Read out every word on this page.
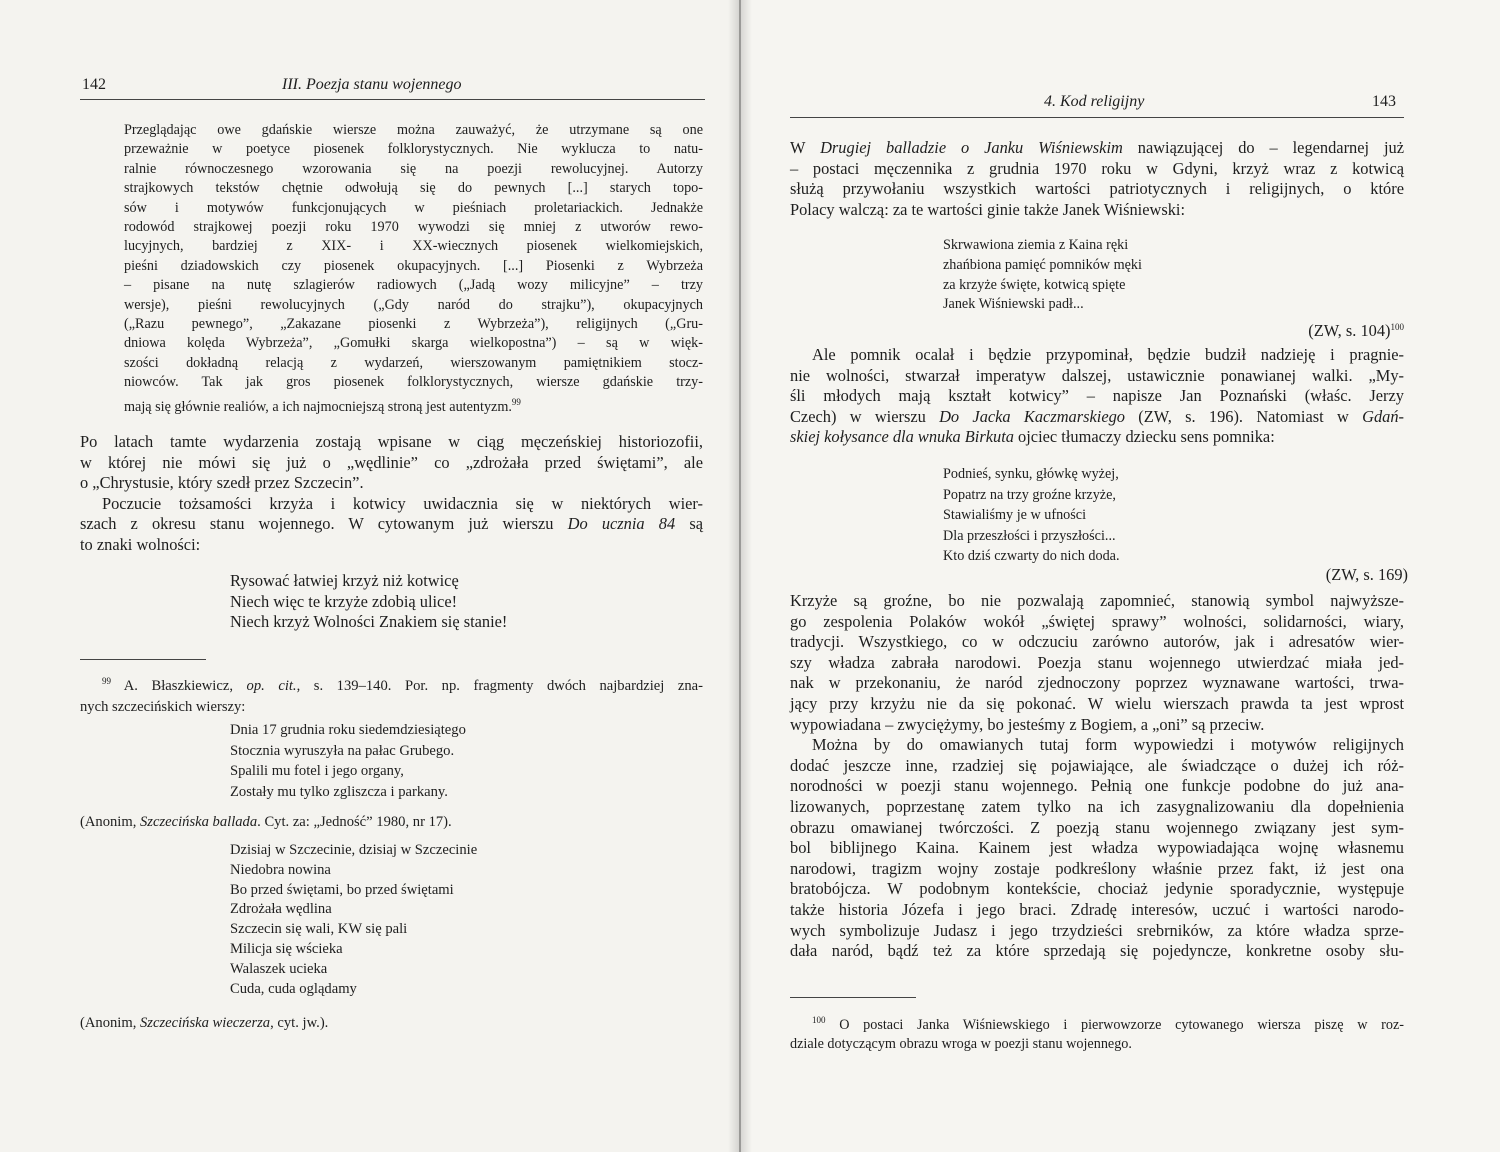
142	III. Poezja stanu wojennego
Przeglądając owe gdańskie wiersze można zauważyć, że utrzymane są one
przeważnie w poetyce piosenek folklorystycznych. Nie wyklucza to natu-
ralnie równoczesnego wzorowania się na poezji rewolucyjnej. Autorzy
strajkowych tekstów chętnie odwołują się do pewnych [...] starych topo-
sów i motywów funkcjonujących w pieśniach proletariackich. Jednakże
rodowód strajkowej poezji roku 1970 wywodzi się mniej z utworów rewo-
lucyjnych, bardziej z XIX- i XX-wiecznych piosenek wielkomiejskich,
pieśni dziadowskich czy piosenek okupacyjnych. [...] Piosenki z Wybrzeża
– pisane na nutę szlagierów radiowych („Jadą wozy milicyjne” – trzy
wersje), pieśni rewolucyjnych („Gdy naród do strajku”), okupacyjnych
(„Razu pewnego”, „Zakazane piosenki z Wybrzeża”), religijnych („Gru-
dniowa kolęda Wybrzeża”, „Gomułki skarga wielkopostna”) – są w więk-
szości dokładną relacją z wydarzeń, wierszowanym pamiętnikiem stocz-
niowców. Tak jak gros piosenek folklorystycznych, wiersze gdańskie trzy-
mają się głównie realiów, a ich najmocniejszą stroną jest autentyzm.$^{99}$
Po latach tamte wydarzenia zostają wpisane w ciąg męczeńskiej historiozofii,
w której nie mówi się już o „wędlinie” co „zdrożała przed świętami”, ale
o „Chrystusie, który szedł przez Szczecin”.
Poczucie tożsamości krzyża i kotwicy uwidacznia się w niektórych wier-
szach z okresu stanu wojennego. W cytowanym już wierszu Do ucznia 84 są
to znaki wolności:
Rysować łatwiej krzyż niż kotwicę
Niech więc te krzyże zdobią ulice!
Niech krzyż Wolności Znakiem się stanie!
$^{99}$ A. Błaszkiewicz, op. cit., s. 139–140. Por. np. fragmenty dwóch najbardziej zna-
nych szczecińskich wierszy:
Dnia 17 grudnia roku siedemdziesiątego
Stocznia wyruszyła na pałac Grubego.
Spalili mu fotel i jego organy,
Zostały mu tylko zgliszcza i parkany.
(Anonim, Szczecińska ballada. Cyt. za: „Jedność” 1980, nr 17).
Dzisiaj w Szczecinie, dzisiaj w Szczecinie
Niedobra nowina
Bo przed świętami, bo przed świętami
Zdrożała wędlina
Szczecin się wali, KW się pali
Milicja się wścieka
Walaszek ucieka
Cuda, cuda oglądamy
(Anonim, Szczecińska wieczerza, cyt. jw.).
4. Kod religijny	143
W Drugiej balladzie o Janku Wiśniewskim nawiązującej do – legendarnej już
– postaci męczennika z grudnia 1970 roku w Gdyni, krzyż wraz z kotwicą
służą przywołaniu wszystkich wartości patriotycznych i religijnych, o które
Polacy walczą: za te wartości ginie także Janek Wiśniewski:
Skrwawiona ziemia z Kaina ręki
zhańbiona pamięć pomników męki
za krzyże święte, kotwicą spięte
Janek Wiśniewski padł...
(ZW, s. 104)$^{100}$
Ale pomnik ocalał i będzie przypominał, będzie budził nadzieję i pragnie-
nie wolności, stwarzał imperatyw dalszej, ustawicznie ponawianej walki. „My-
śli młodych mają kształt kotwicy” – napisze Jan Poznański (właśc. Jerzy
Czech) w wierszu Do Jacka Kaczmarskiego (ZW, s. 196). Natomiast w Gdań-
skiej kołysance dla wnuka Birkuta ojciec tłumaczy dziecku sens pomnika:
Podnieś, synku, główkę wyżej,
Popatrz na trzy groźne krzyże,
Stawialiśmy je w ufności
Dla przeszłości i przyszłości...
Kto dziś czwarty do nich doda.
(ZW, s. 169)
Krzyże są groźne, bo nie pozwalają zapomnieć, stanowią symbol najwyższe-
go zespolenia Polaków wokół „świętej sprawy” wolności, solidarności, wiary,
tradycji. Wszystkiego, co w odczuciu zarówno autorów, jak i adresatów wier-
szy władza zabrała narodowi. Poezja stanu wojennego utwierdzać miała jed-
nak w przekonaniu, że naród zjednoczony poprzez wyznawane wartości, trwa-
jący przy krzyżu nie da się pokonać. W wielu wierszach prawda ta jest wprost
wypowiadana – zwyciężymy, bo jesteśmy z Bogiem, a „oni” są przeciw.
Można by do omawianych tutaj form wypowiedzi i motywów religijnych
dodać jeszcze inne, rzadziej się pojawiające, ale świadczące o dużej ich róż-
norodności w poezji stanu wojennego. Pełnią one funkcje podobne do już ana-
lizowanych, poprzestanę zatem tylko na ich zasygnalizowaniu dla dopełnienia
obrazu omawianej twórczości. Z poezją stanu wojennego związany jest sym-
bol biblijnego Kaina. Kainem jest władza wypowiadająca wojnę własnemu
narodowi, tragizm wojny zostaje podkreślony właśnie przez fakt, iż jest ona
bratobójcza. W podobnym kontekście, chociaż jedynie sporadycznie, występuje
także historia Józefa i jego braci. Zdradę interesów, uczuć i wartości narodo-
wych symbolizuje Judasz i jego trzydzieści srebrników, za które władza sprze-
dała naród, bądź też za które sprzedają się pojedyncze, konkretne osoby słu-
$^{100}$ O postaci Janka Wiśniewskiego i pierwowzorze cytowanego wiersza piszę w roz-
dziale dotyczącym obrazu wroga w poezji stanu wojennego.
